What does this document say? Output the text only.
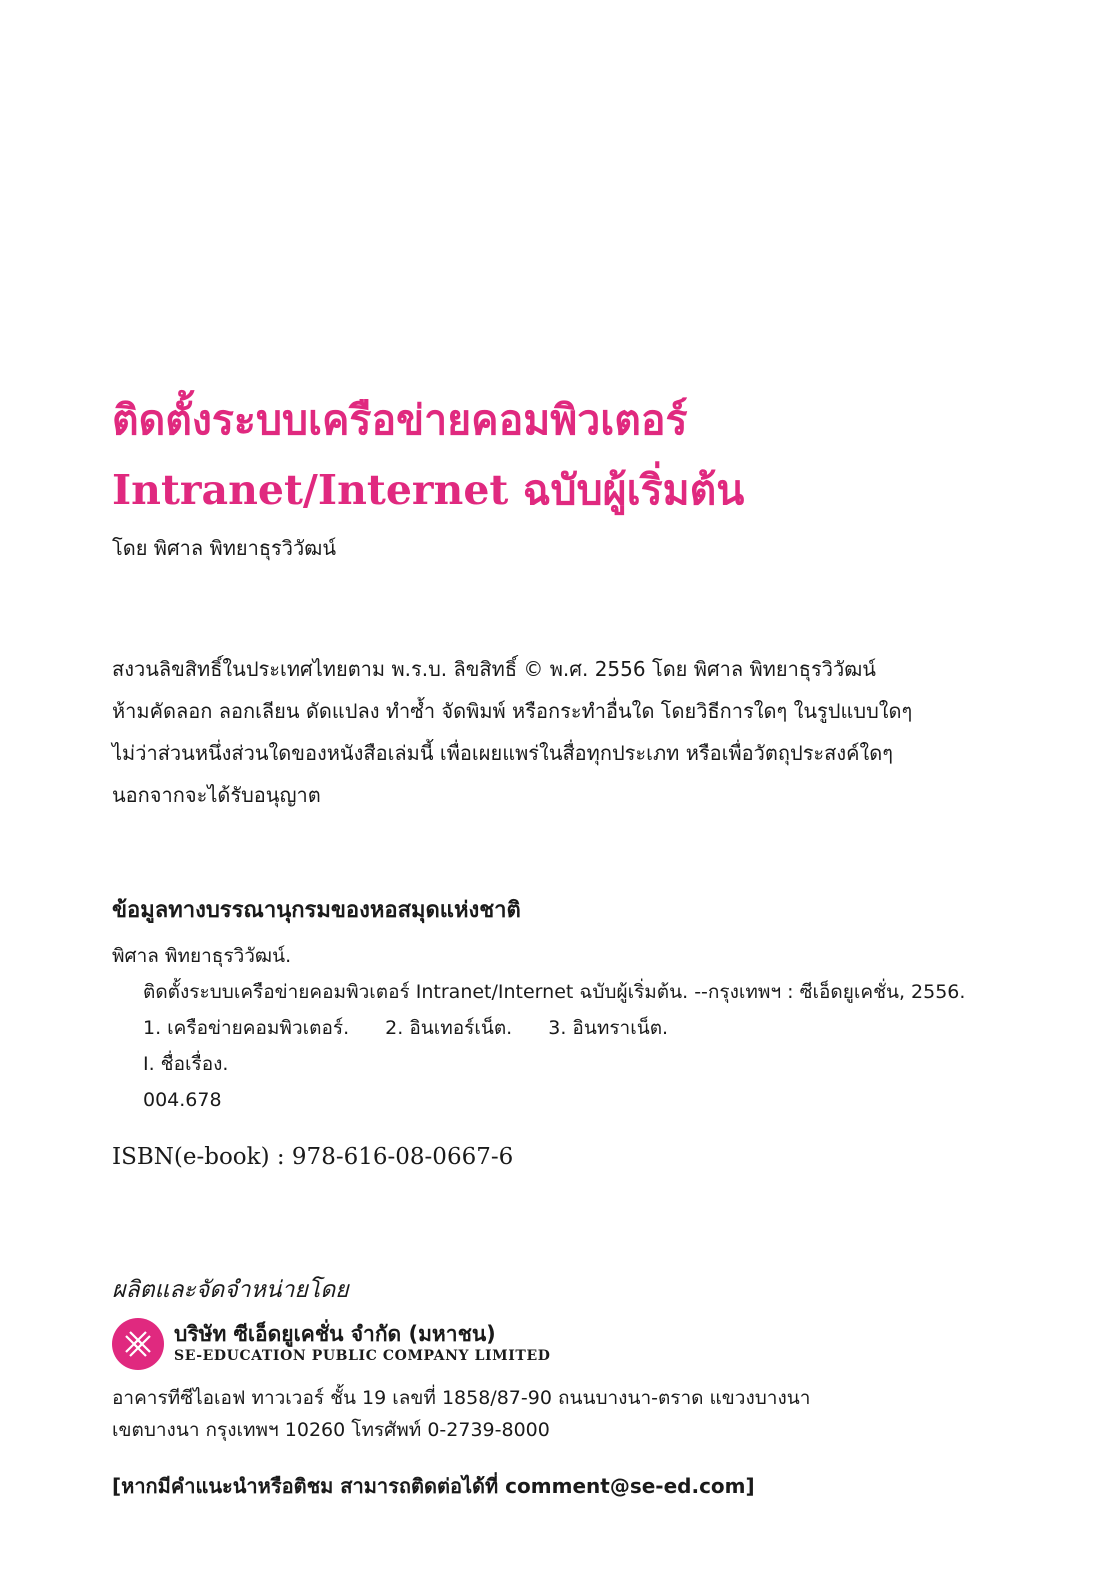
ติดตั้งระบบเครือข่ายคอมพิวเตอร์
Intranet/Internet ฉบับผู้เริ่มต้น
โดย พิศาล พิทยาธุรวิวัฒน์
สงวนลิขสิทธิ์ในประเทศไทยตาม พ.ร.บ. ลิขสิทธิ์ © พ.ศ. 2556 โดย พิศาล พิทยาธุรวิวัฒน์
ห้ามคัดลอก ลอกเลียน ดัดแปลง ทำซ้ำ จัดพิมพ์ หรือกระทำอื่นใด โดยวิธีการใดๆ ในรูปแบบใดๆ
ไม่ว่าส่วนหนึ่งส่วนใดของหนังสือเล่มนี้ เพื่อเผยแพร่ในสื่อทุกประเภท หรือเพื่อวัตถุประสงค์ใดๆ
นอกจากจะได้รับอนุญาต
ข้อมูลทางบรรณานุกรมของหอสมุดแห่งชาติ
พิศาล พิทยาธุรวิวัฒน์.
ติดตั้งระบบเครือข่ายคอมพิวเตอร์ Intranet/Internet ฉบับผู้เริ่มต้น. --กรุงเทพฯ : ซีเอ็ดยูเคชั่น, 2556.
1. เครือข่ายคอมพิวเตอร์. 2. อินเทอร์เน็ต. 3. อินทราเน็ต.
I. ชื่อเรื่อง.
004.678
ISBN(e-book) : 978-616-08-0667-6
ผลิตและจัดจำหน่ายโดย
บริษัท ซีเอ็ดยูเคชั่น จำกัด (มหาชน)
SE-EDUCATION PUBLIC COMPANY LIMITED
อาคารทีซีไอเอฟ ทาวเวอร์ ชั้น 19 เลขที่ 1858/87-90 ถนนบางนา-ตราด แขวงบางนา
เขตบางนา กรุงเทพฯ 10260 โทรศัพท์ 0-2739-8000
[หากมีคำแนะนำหรือติชม สามารถติดต่อได้ที่ comment@se-ed.com]
